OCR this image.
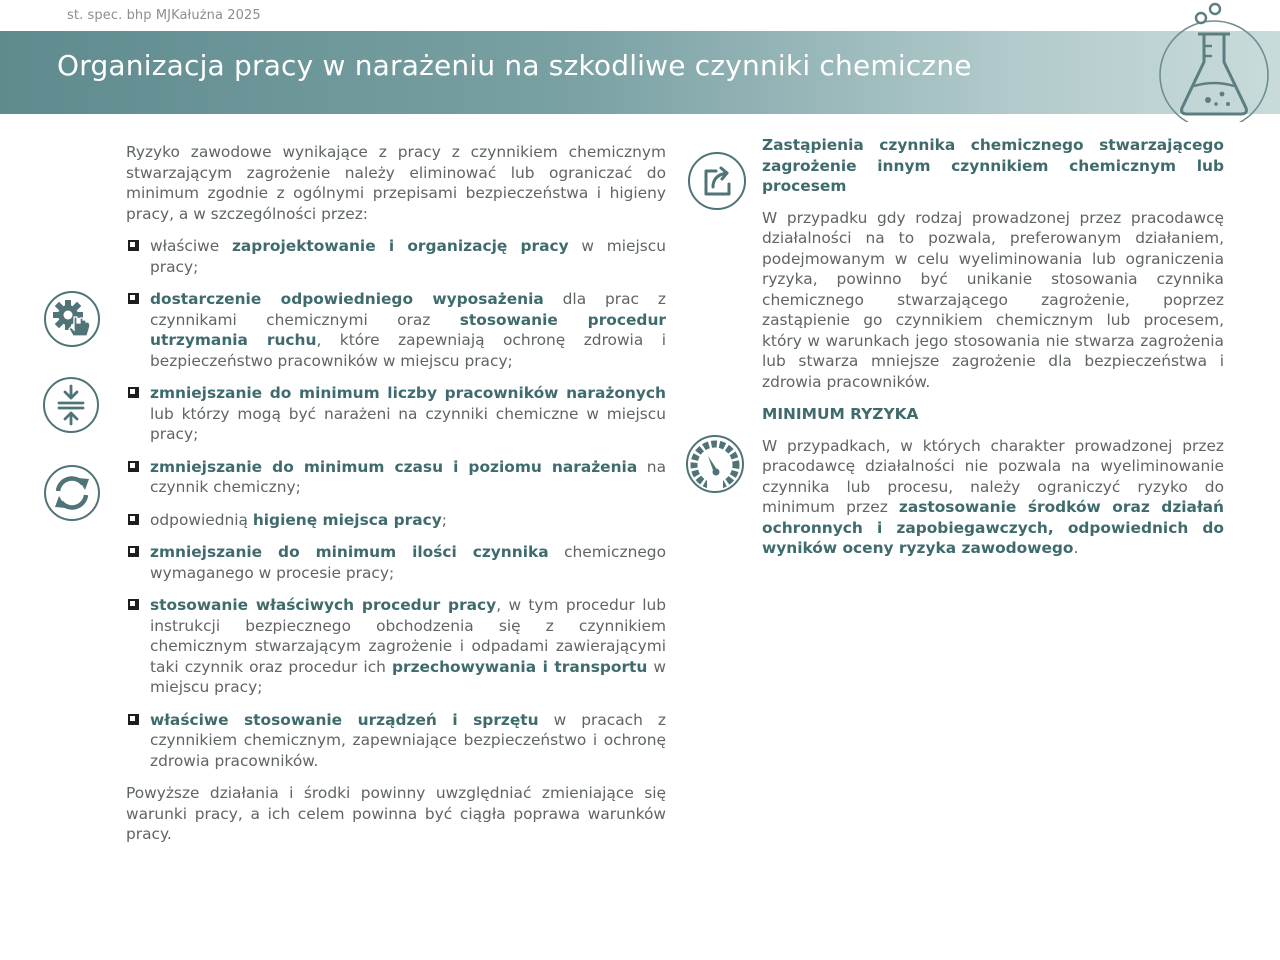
st. spec. bhp MJKałużna 2025
Organizacja pracy w narażeniu na szkodliwe czynniki chemiczne

Ryzyko zawodowe wynikające z pracy z czynnikiem chemicznym stwarzającym zagrożenie należy eliminować lub ograniczać do minimum zgodnie z ogólnymi przepisami bezpieczeństwa i higieny pracy, a w szczególności przez:

właściwe zaprojektowanie i organizację pracy w miejscu pracy;
dostarczenie odpowiedniego wyposażenia dla prac z czynnikami chemicznymi oraz stosowanie procedur utrzymania ruchu, które zapewniają ochronę zdrowia i bezpieczeństwo pracowników w miejscu pracy;
zmniejszanie do minimum liczby pracowników narażonych lub którzy mogą być narażeni na czynniki chemiczne w miejscu pracy;
zmniejszanie do minimum czasu i poziomu narażenia na czynnik chemiczny;
odpowiednią higienę miejsca pracy;
zmniejszanie do minimum ilości czynnika chemicznego wymaganego w procesie pracy;
stosowanie właściwych procedur pracy, w tym procedur lub instrukcji bezpiecznego obchodzenia się z czynnikiem chemicznym stwarzającym zagrożenie i odpadami zawierającymi taki czynnik oraz procedur ich przechowywania i transportu w miejscu pracy;
właściwe stosowanie urządzeń i sprzętu w pracach z czynnikiem chemicznym, zapewniające bezpieczeństwo i ochronę zdrowia pracowników.

Powyższe działania i środki powinny uwzględniać zmieniające się warunki pracy, a ich celem powinna być ciągła poprawa warunków pracy.

Zastąpienia czynnika chemicznego stwarzającego zagrożenie innym czynnikiem chemicznym lub procesem

W przypadku gdy rodzaj prowadzonej przez pracodawcę działalności na to pozwala, preferowanym działaniem, podejmowanym w celu wyeliminowania lub ograniczenia ryzyka, powinno być unikanie stosowania czynnika chemicznego stwarzającego zagrożenie, poprzez zastąpienie go czynnikiem chemicznym lub procesem, który w warunkach jego stosowania nie stwarza zagrożenia lub stwarza mniejsze zagrożenie dla bezpieczeństwa i zdrowia pracowników.

MINIMUM RYZYKA

W przypadkach, w których charakter prowadzonej przez pracodawcę działalności nie pozwala na wyeliminowanie czynnika lub procesu, należy ograniczyć ryzyko do minimum przez zastosowanie środków oraz działań ochronnych i zapobiegawczych, odpowiednich do wyników oceny ryzyka zawodowego.
